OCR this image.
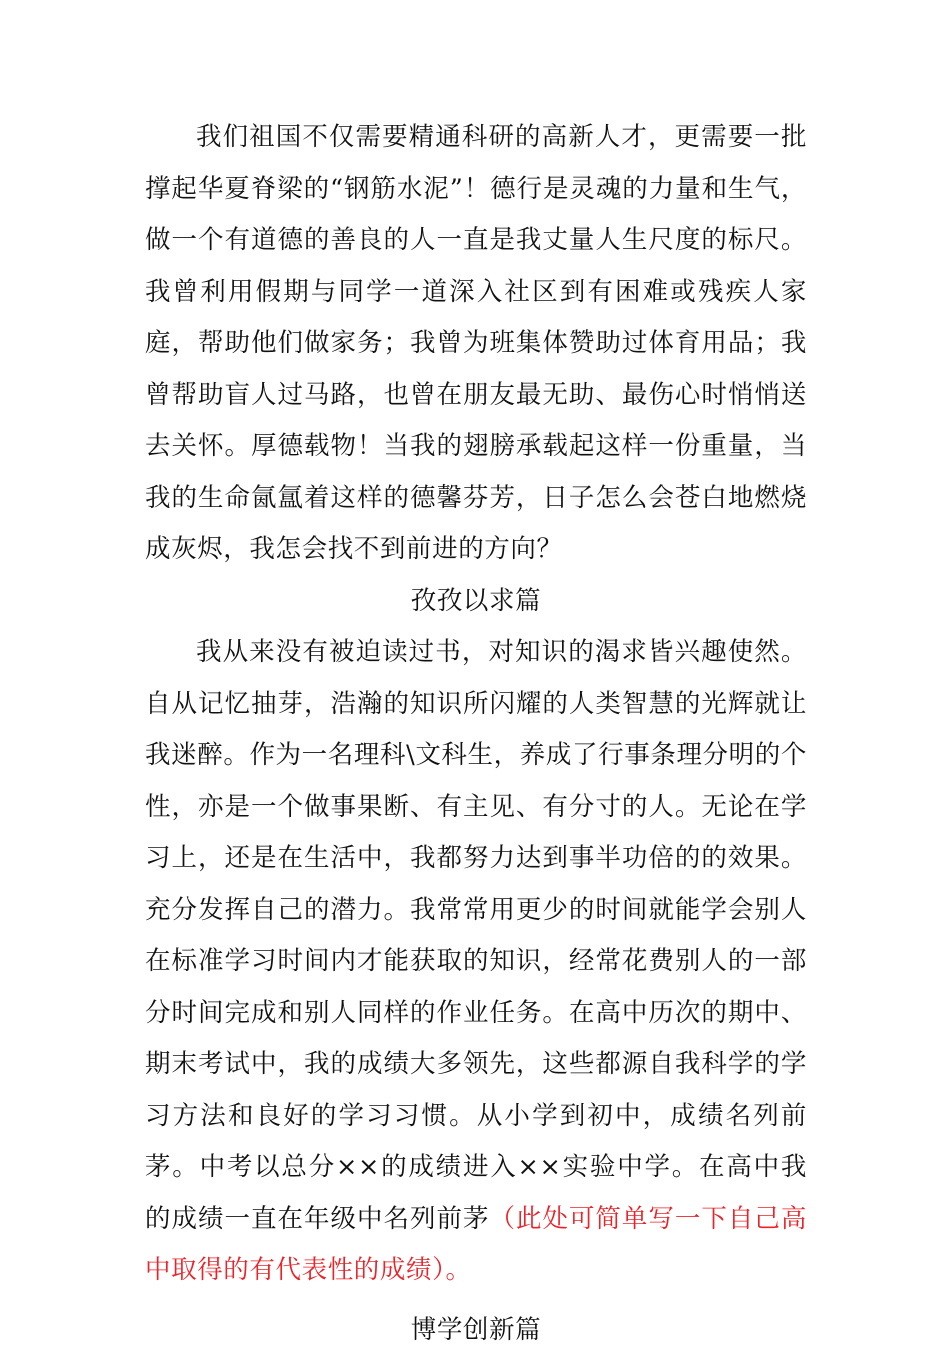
我们祖国不仅需要精通科研的高新人才，更需要一批撑起华夏脊梁的“钢筋水泥”！德行是灵魂的力量和生气，做一个有道德的善良的人一直是我丈量人生尺度的标尺。我曾利用假期与同学一道深入社区到有困难或残疾人家庭，帮助他们做家务；我曾为班集体赞助过体育用品；我曾帮助盲人过马路，也曾在朋友最无助、最伤心时悄悄送去关怀。厚德载物！当我的翅膀承载起这样一份重量，当我的生命氤氲着这样的德馨芬芳，日子怎么会苍白地燃烧成灰烬，我怎会找不到前进的方向？

孜孜以求篇

我从来没有被迫读过书，对知识的渴求皆兴趣使然。自从记忆抽芽，浩瀚的知识所闪耀的人类智慧的光辉就让我迷醉。作为一名理科\文科生，养成了行事条理分明的个性，亦是一个做事果断、有主见、有分寸的人。无论在学习上，还是在生活中，我都努力达到事半功倍的的效果。充分发挥自己的潜力。我常常用更少的时间就能学会别人在标准学习时间内才能获取的知识，经常花费别人的一部分时间完成和别人同样的作业任务。在高中历次的期中、期末考试中，我的成绩大多领先，这些都源自我科学的学习方法和良好的学习习惯。从小学到初中，成绩名列前茅。中考以总分××的成绩进入××实验中学。在高中我的成绩一直在年级中名列前茅（此处可简单写一下自己高中取得的有代表性的成绩）。

博学创新篇
